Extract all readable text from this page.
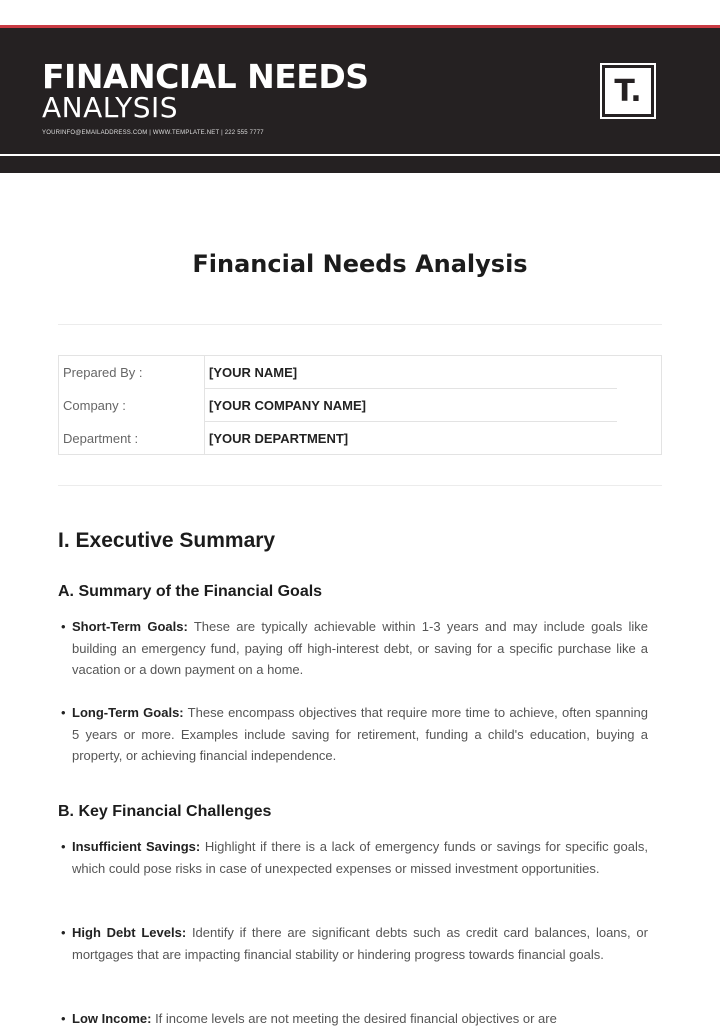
FINANCIAL NEEDS

ANALYSIS

YOURINFO@EMAILADDRESS.COM | WWW.TEMPLATE.NET | 222 555 7777

T.
Financial Needs Analysis
Prepared By :	[YOUR NAME]
Company :	[YOUR COMPANY NAME]
Department :	[YOUR DEPARTMENT]
I. Executive Summary
A. Summary of the Financial Goals

• Short-Term Goals: These are typically achievable within 1-3 years and may include goals like building an emergency fund, paying off high-interest debt, or saving for a specific purchase like a vacation or a down payment on a home.

• Long-Term Goals: These encompass objectives that require more time to achieve, often spanning 5 years or more. Examples include saving for retirement, funding a child's education, buying a property, or achieving financial independence.

B. Key Financial Challenges

• Insufficient Savings: Highlight if there is a lack of emergency funds or savings for specific goals, which could pose risks in case of unexpected expenses or missed investment opportunities.

• High Debt Levels: Identify if there are significant debts such as credit card balances, loans, or mortgages that are impacting financial stability or hindering progress towards financial goals.

• Low Income: If income levels are not meeting the desired financial objectives or are
